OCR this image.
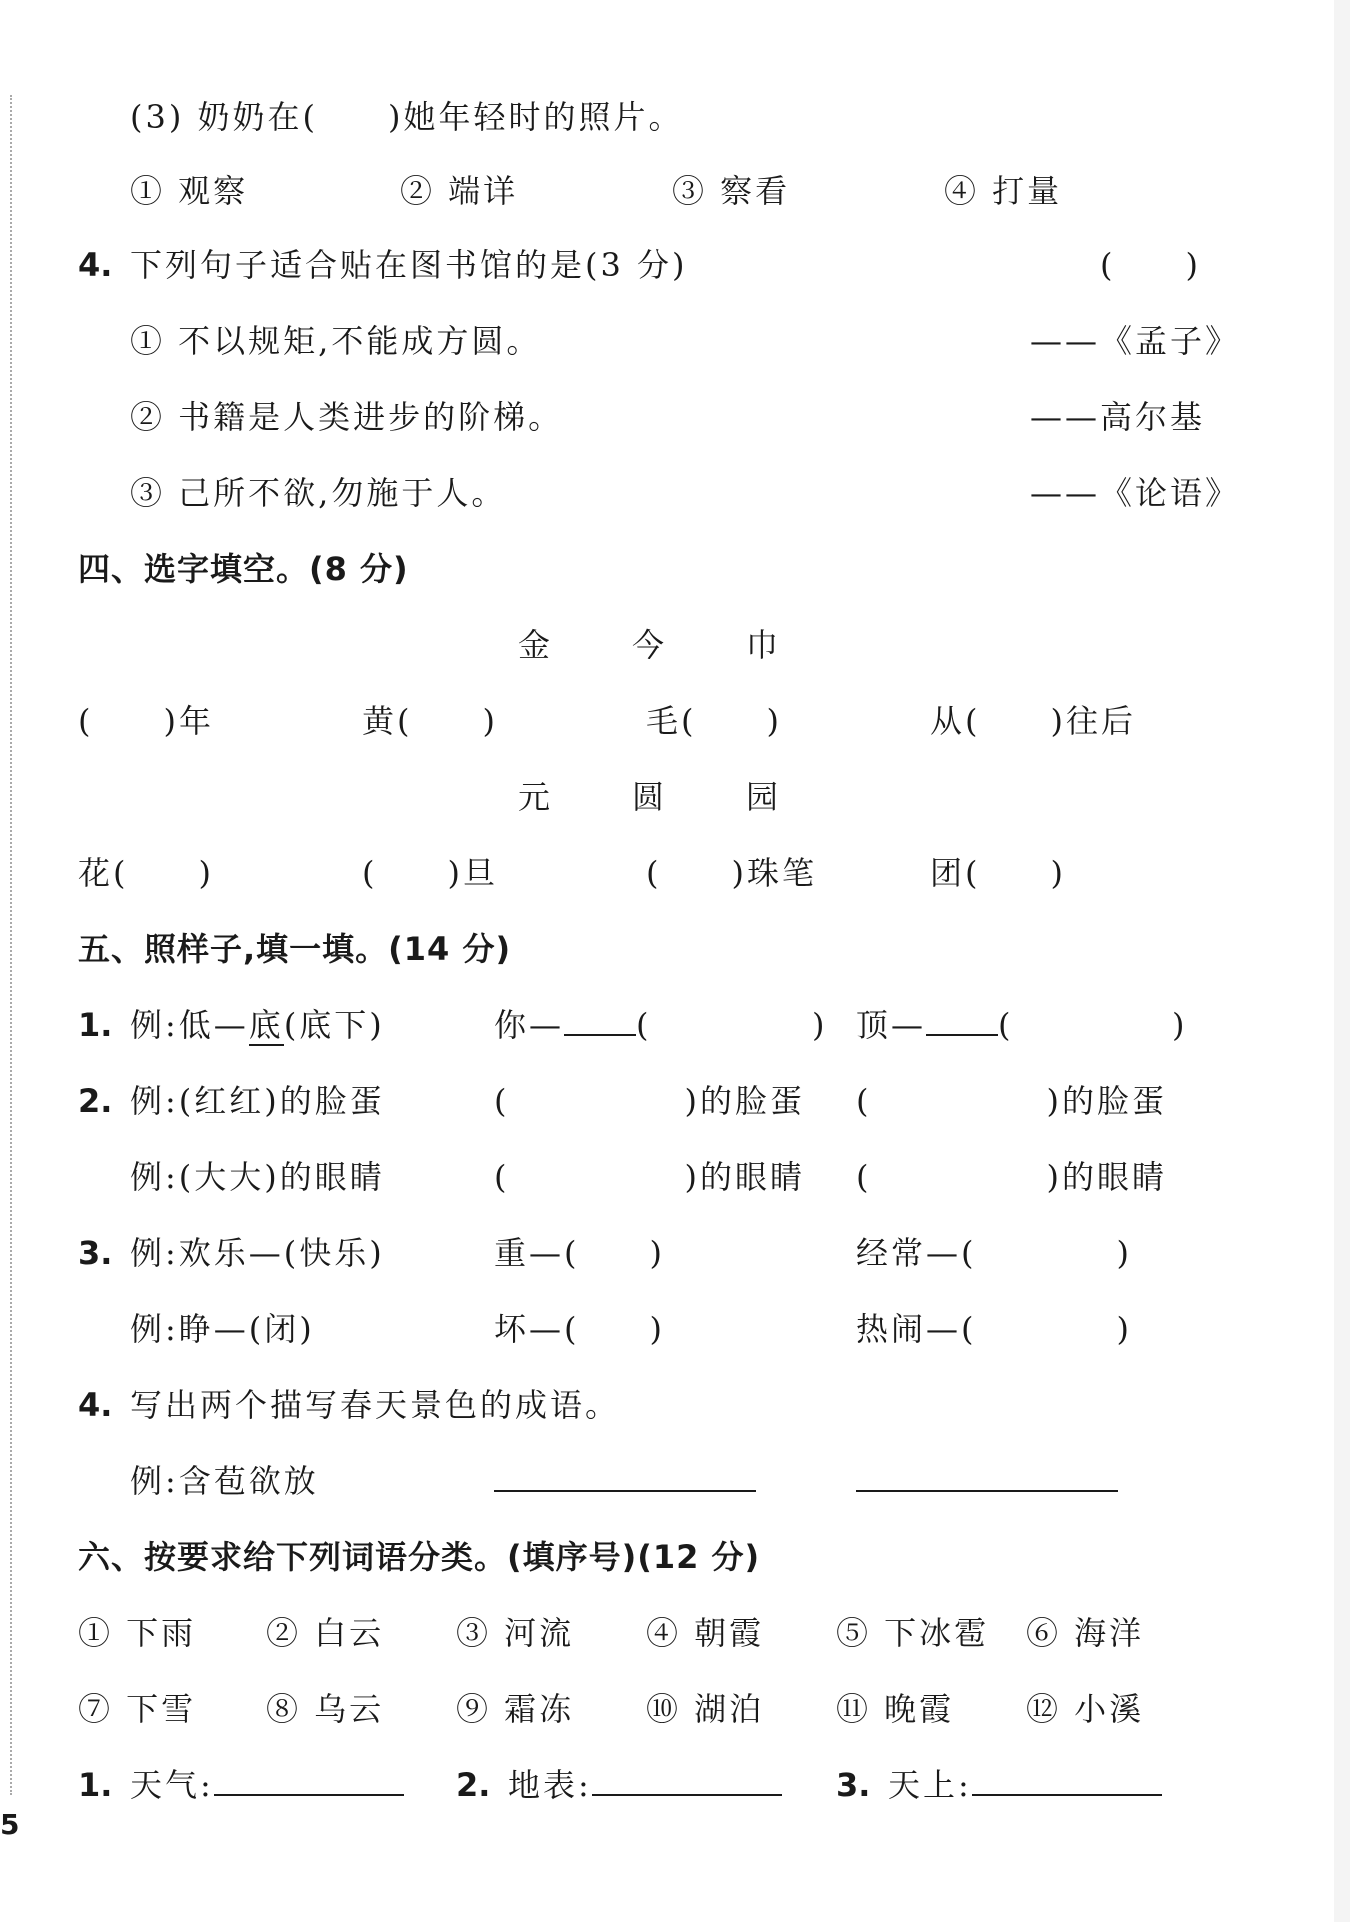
(3) 奶奶在(　　)她年轻时的照片。
① 观察	② 端详	③ 察看	④ 打量
4. 下列句子适合贴在图书馆的是(3 分)	(　　)
① 不以规矩,不能成方圆。	——《孟子》
② 书籍是人类进步的阶梯。	——高尔基
③ 己所不欲,勿施于人。	——《论语》
四、选字填空。(8 分)
金 今 巾
(　　)年	黄(　　)	毛(　　)	从(　　)往后
元 圆 园
花(　　)	(　　)旦	(　　)珠笔	团(　　)
五、照样子,填一填。(14 分)
1. 例:低—底(底下)	你— (	) 顶— (	)
2. 例:(红红)的脸蛋	(　　　　　)的脸蛋 (　　　　　)的脸蛋
例:(大大)的眼睛	(　　　　　)的眼睛 (　　　　　)的眼睛
3. 例:欢乐—(快乐)	重—(　　)	经常—(　　　　)
例:睁—(闭)	坏—(　　)	热闹—(　　　　)
4. 写出两个描写春天景色的成语。
例:含苞欲放
六、按要求给下列词语分类。(填序号)(12 分)
① 下雨 ② 白云 ③ 河流 ④ 朝霞 ⑤ 下冰雹 ⑥ 海洋
⑦ 下雪 ⑧ 乌云 ⑨ 霜冻 ⑩ 湖泊 ⑪ 晚霞 ⑫ 小溪
1. 天气:	2. 地表:	3. 天上:
5
